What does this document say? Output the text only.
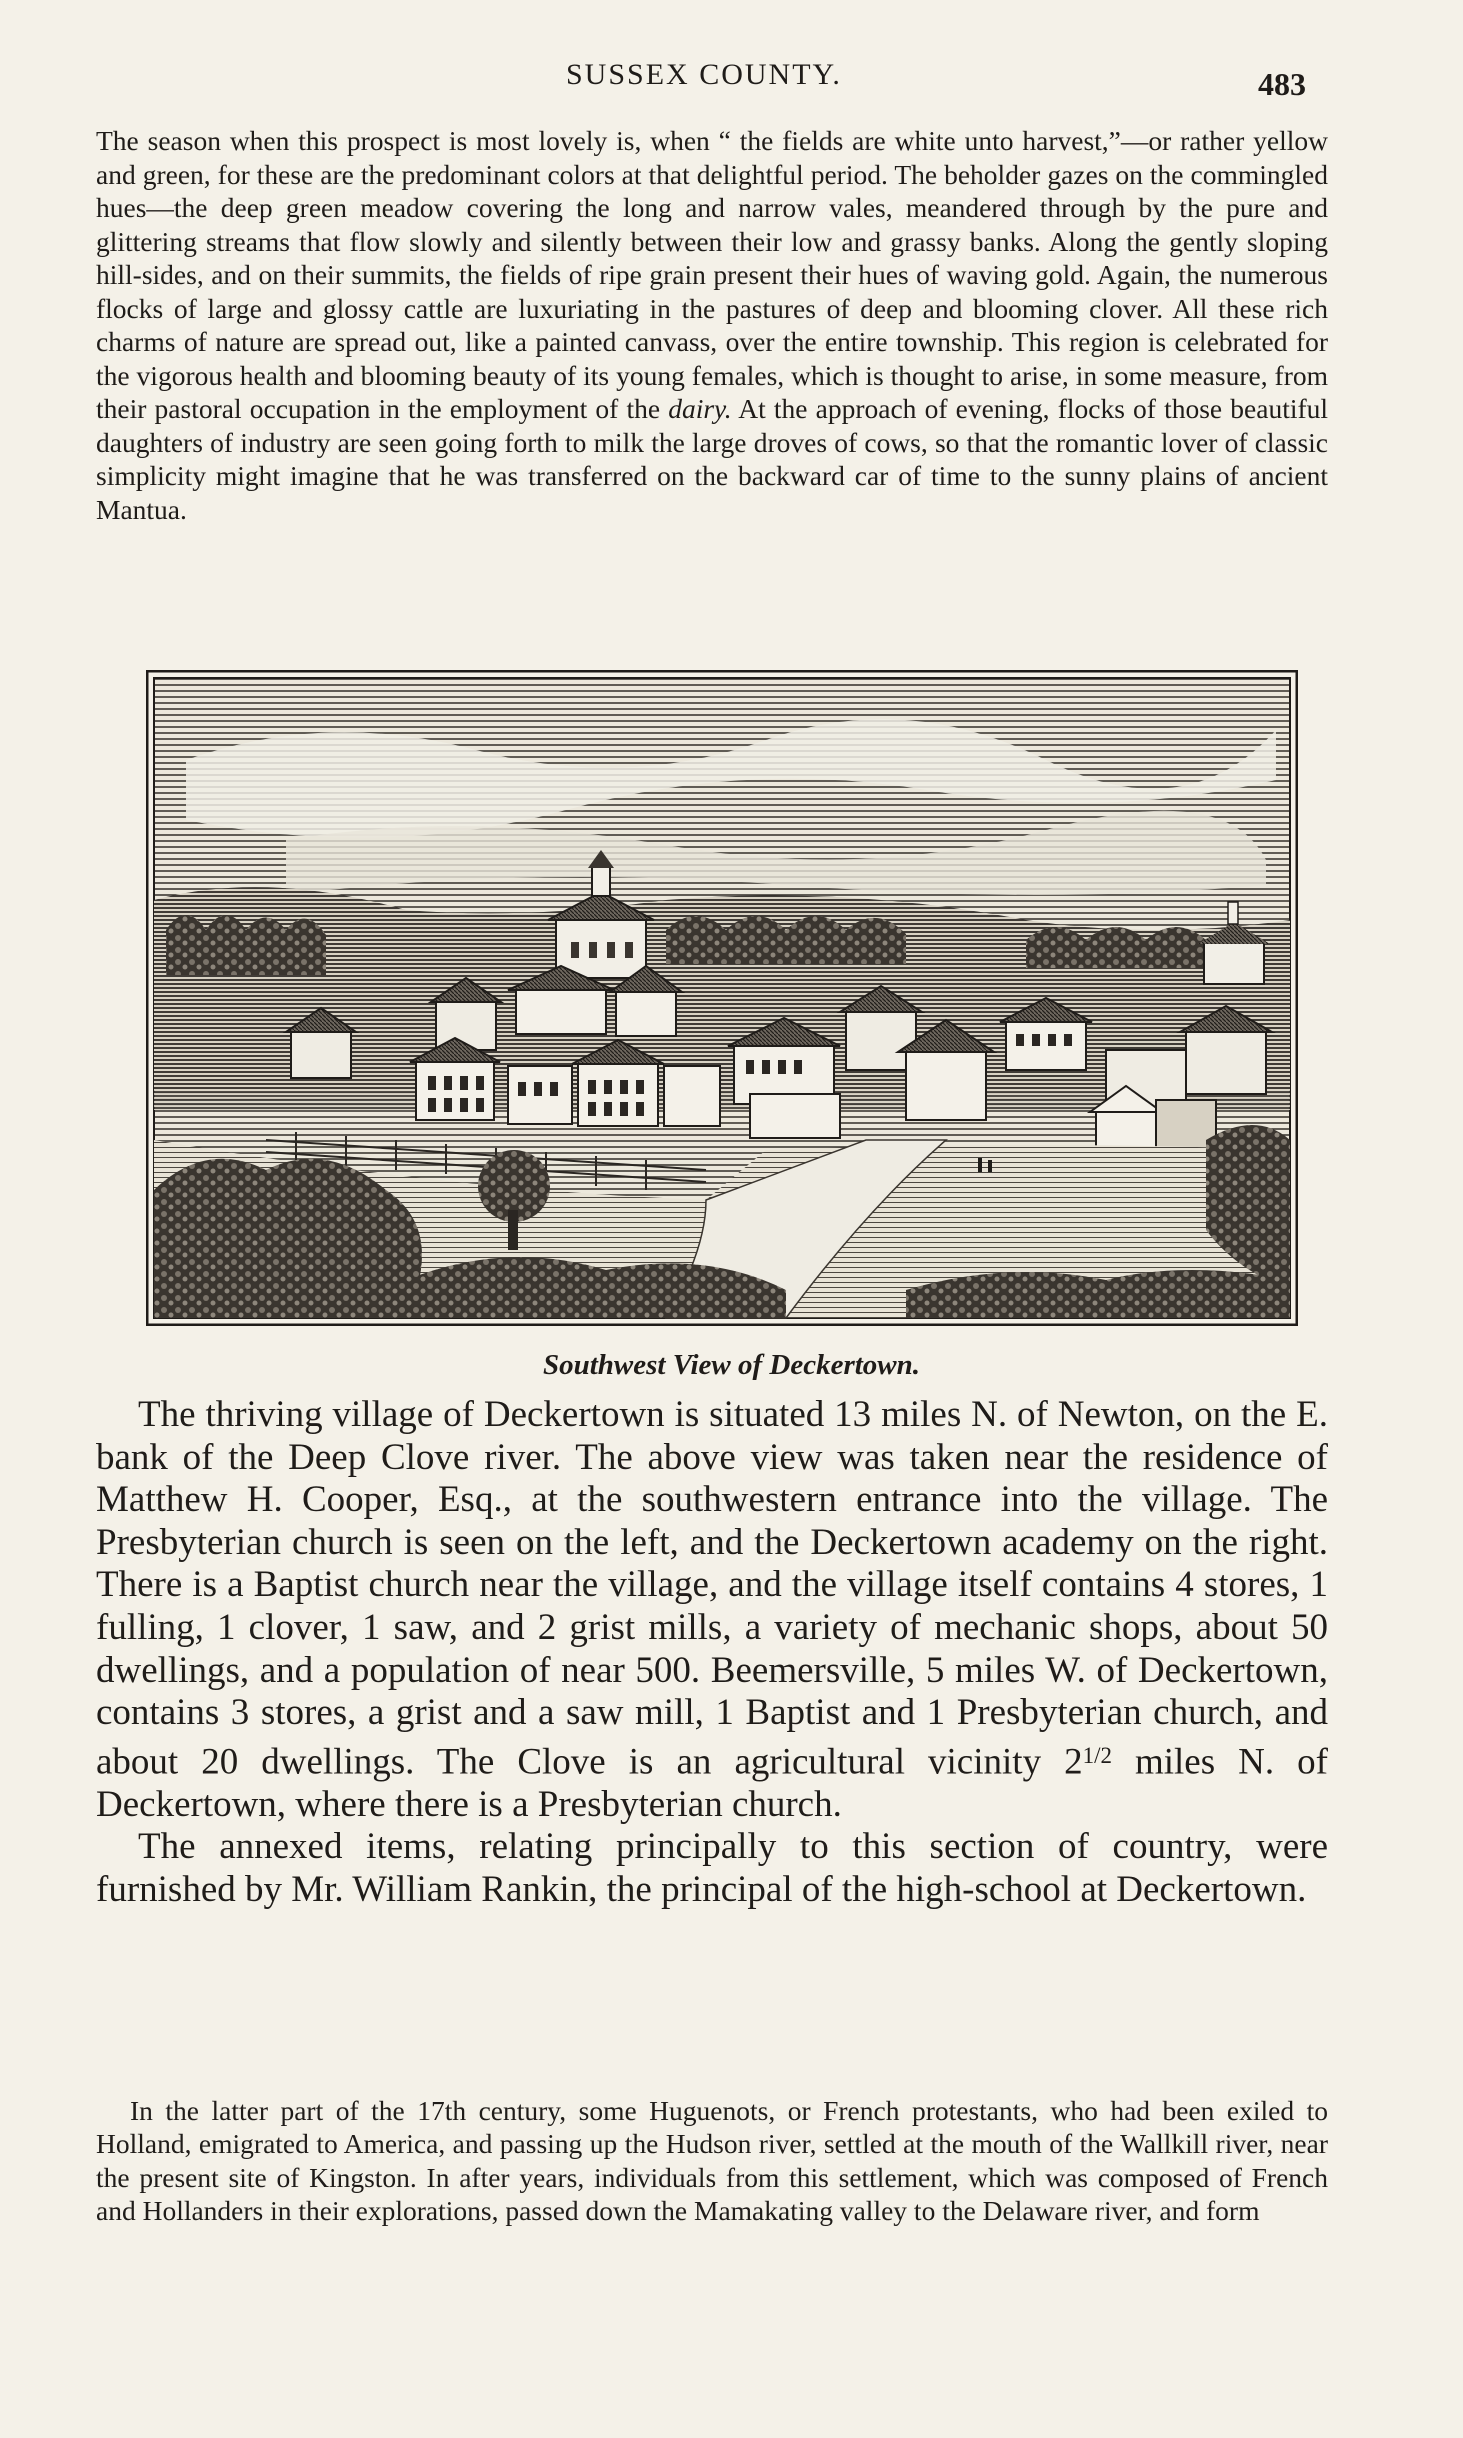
SUSSEX COUNTY.	483

The season when this prospect is most lovely is, when “ the fields are white unto harvest,”—or rather yellow and green, for these are the predominant colors at that delightful period. The beholder gazes on the commingled hues—the deep green meadow covering the long and narrow vales, meandered through by the pure and glittering streams that flow slowly and silently between their low and grassy banks. Along the gently sloping hill-sides, and on their summits, the fields of ripe grain present their hues of waving gold. Again, the numerous flocks of large and glossy cattle are luxuriating in the pastures of deep and blooming clover. All these rich charms of nature are spread out, like a painted canvass, over the entire township. This region is celebrated for the vigorous health and blooming beauty of its young females, which is thought to arise, in some measure, from their pastoral occupation in the employment of the dairy. At the approach of evening, flocks of those beautiful daughters of industry are seen going forth to milk the large droves of cows, so that the romantic lover of classic simplicity might imagine that he was transferred on the backward car of time to the sunny plains of ancient Mantua.

Southwest View of Deckertown.

The thriving village of Deckertown is situated 13 miles N. of Newton, on the E. bank of the Deep Clove river. The above view was taken near the residence of Matthew H. Cooper, Esq., at the southwestern entrance into the village. The Presbyterian church is seen on the left, and the Deckertown academy on the right. There is a Baptist church near the village, and the village itself contains 4 stores, 1 fulling, 1 clover, 1 saw, and 2 grist mills, a variety of mechanic shops, about 50 dwellings, and a population of near 500. Beemersville, 5 miles W. of Deckertown, contains 3 stores, a grist and a saw mill, 1 Baptist and 1 Presbyterian church, and about 20 dwellings. The Clove is an agricultural vicinity $2^{1/2}$ miles N. of Deckertown, where there is a Presbyterian church.

The annexed items, relating principally to this section of country, were furnished by Mr. William Rankin, the principal of the high-school at Deckertown.

In the latter part of the 17th century, some Huguenots, or French protestants, who had been exiled to Holland, emigrated to America, and passing up the Hudson river, settled at the mouth of the Wallkill river, near the present site of Kingston. In after years, individuals from this settlement, which was composed of French and Hollanders in their explorations, passed down the Mamakating valley to the Delaware river, and form
